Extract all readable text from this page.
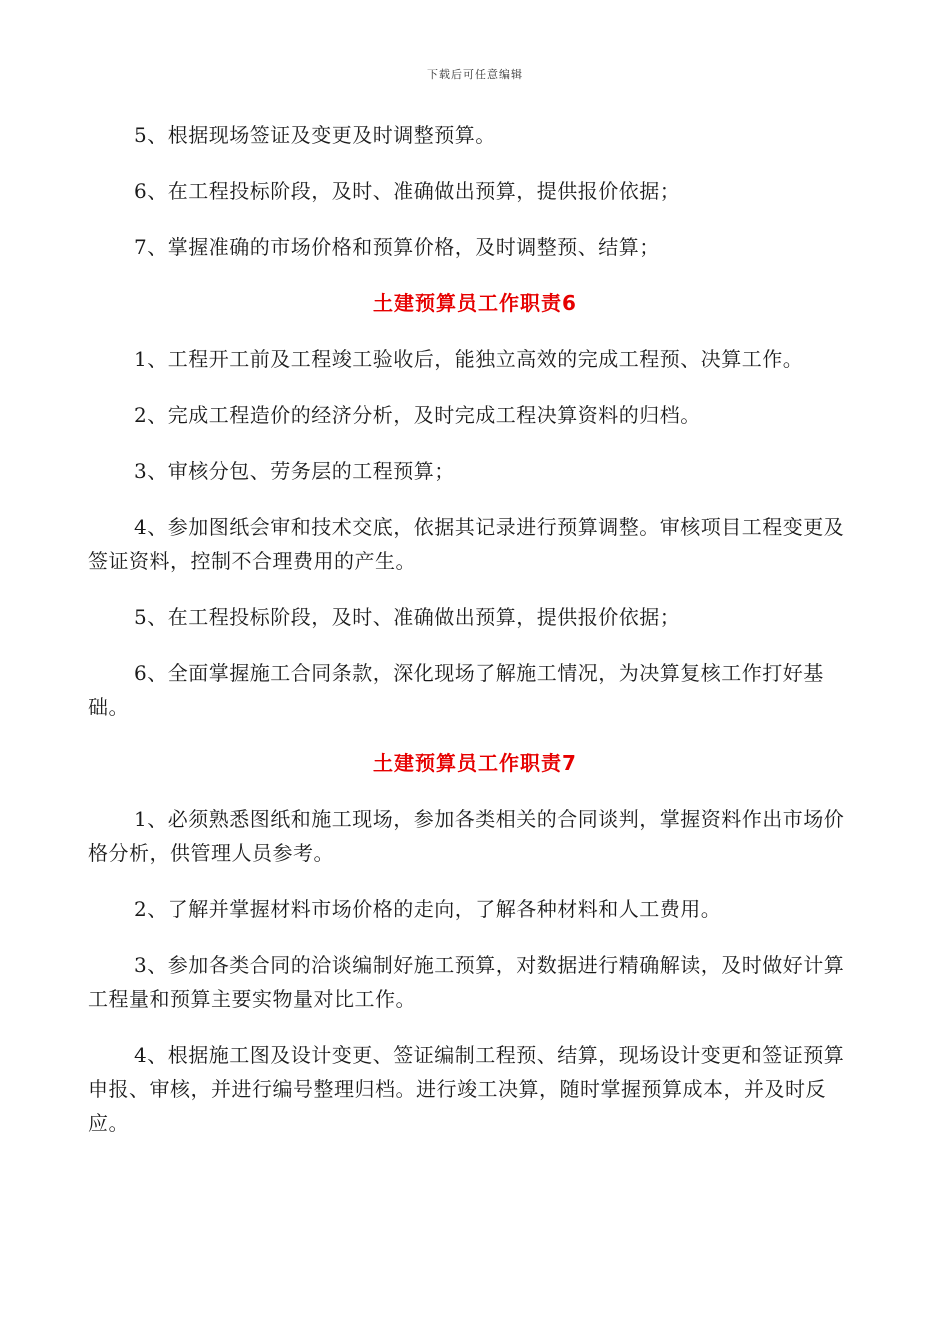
下载后可任意编辑

5、根据现场签证及变更及时调整预算。

6、在工程投标阶段，及时、准确做出预算，提供报价依据；

7、掌握准确的市场价格和预算价格，及时调整预、结算；

土建预算员工作职责6

1、工程开工前及工程竣工验收后，能独立高效的完成工程预、决算工作。

2、完成工程造价的经济分析，及时完成工程决算资料的归档。

3、审核分包、劳务层的工程预算；

4、参加图纸会审和技术交底，依据其记录进行预算调整。审核项目工程变更及签证资料，控制不合理费用的产生。

5、在工程投标阶段，及时、准确做出预算，提供报价依据；

6、全面掌握施工合同条款，深化现场了解施工情况，为决算复核工作打好基础。

土建预算员工作职责7

1、必须熟悉图纸和施工现场，参加各类相关的合同谈判，掌握资料作出市场价格分析，供管理人员参考。

2、了解并掌握材料市场价格的走向，了解各种材料和人工费用。

3、参加各类合同的洽谈编制好施工预算，对数据进行精确解读，及时做好计算工程量和预算主要实物量对比工作。

4、根据施工图及设计变更、签证编制工程预、结算，现场设计变更和签证预算申报、审核，并进行编号整理归档。进行竣工决算，随时掌握预算成本，并及时反应。
